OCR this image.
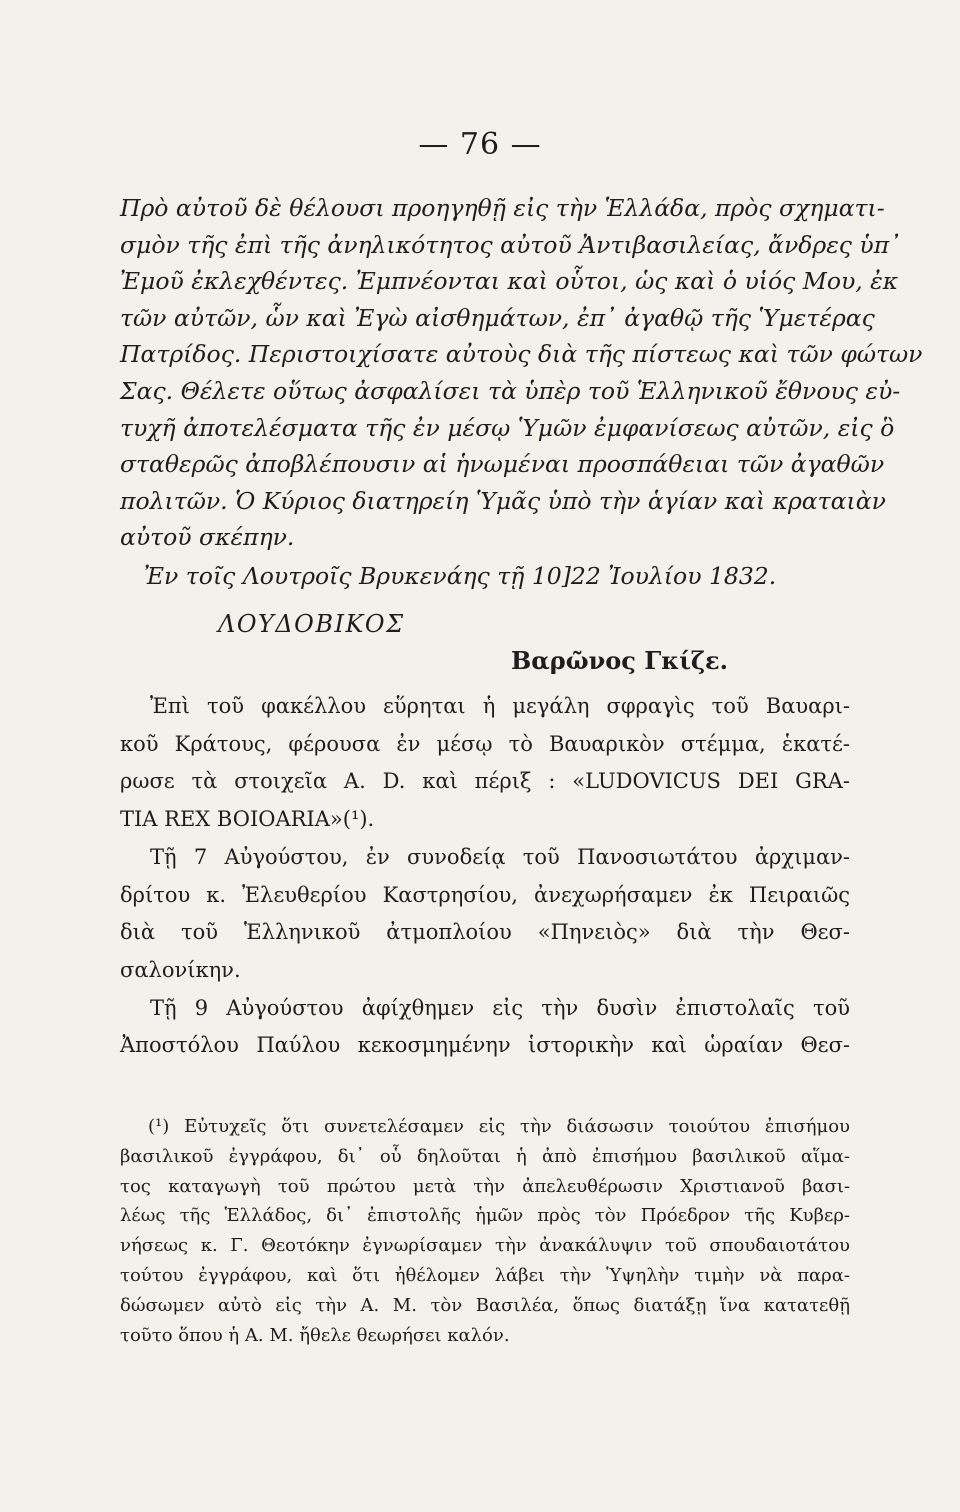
— 76 —
Πρὸ αὐτοῦ δὲ θέλουσι προηγηθῇ εἰς τὴν Ἑλλάδα, πρὸς σχηματι-
σμὸν τῆς ἐπὶ τῆς ἀνηλικότητος αὐτοῦ Ἀντιβασιλείας, ἄνδρες ὑπ᾽
Ἐμοῦ ἐκλεχθέντες. Ἐμπνέονται καὶ οὗτοι, ὡς καὶ ὁ υἱός Μου, ἐκ
τῶν αὐτῶν, ὧν καὶ Ἐγὼ αἰσθημάτων, ἐπ᾽ ἀγαθῷ τῆς Ὑμετέρας
Πατρίδος. Περιστοιχίσατε αὐτοὺς διὰ τῆς πίστεως καὶ τῶν φώτων
Σας. Θέλετε οὕτως ἀσφαλίσει τὰ ὑπὲρ τοῦ Ἑλληνικοῦ ἔθνους εὐ-
τυχῆ ἀποτελέσματα τῆς ἐν μέσῳ Ὑμῶν ἐμφανίσεως αὐτῶν, εἰς ὃ
σταθερῶς ἀποβλέπουσιν αἱ ἡνωμέναι προσπάθειαι τῶν ἀγαθῶν
πολιτῶν. Ὁ Κύριος διατηρείη Ὑμᾶς ὑπὸ τὴν ἁγίαν καὶ κραταιὰν
αὐτοῦ σκέπην.
Ἐν τοῖς Λουτροῖς Βρυκενάης τῇ 10]22 Ἰουλίου 1832.
ΛΟΥΔΟΒΙΚΟΣ
Βαρῶνος Γκίζε.
Ἐπὶ τοῦ φακέλλου εὕρηται ἡ μεγάλη σφραγὶς τοῦ Βαυαρι-
κοῦ Κράτους, φέρουσα ἐν μέσῳ τὸ Βαυαρικὸν στέμμα, ἑκατέ-
ρωσε τὰ στοιχεῖα A. D. καὶ πέριξ : «LUDOVICUS DEI GRA-
TIA REX BOIOARIA»(¹).
Τῇ 7 Αὐγούστου, ἐν συνοδείᾳ τοῦ Πανοσιωτάτου ἀρχιμαν-
δρίτου κ. Ἐλευθερίου Καστρησίου, ἀνεχωρήσαμεν ἐκ Πειραιῶς
διὰ τοῦ Ἑλληνικοῦ ἀτμοπλοίου «Πηνειὸς» διὰ τὴν Θεσ-
σαλονίκην.
Τῇ 9 Αὐγούστου ἀφίχθημεν εἰς τὴν δυσὶν ἐπιστολαῖς τοῦ
Ἀποστόλου Παύλου κεκοσμημένην ἱστορικὴν καὶ ὡραίαν Θεσ-
(¹) Εὐτυχεῖς ὅτι συνετελέσαμεν εἰς τὴν διάσωσιν τοιούτου ἐπισήμου
βασιλικοῦ ἐγγράφου, δι᾽ οὗ δηλοῦται ἡ ἀπὸ ἐπισήμου βασιλικοῦ αἵμα-
τος καταγωγὴ τοῦ πρώτου μετὰ τὴν ἀπελευθέρωσιν Χριστιανοῦ βασι-
λέως τῆς Ἑλλάδος, δι᾽ ἐπιστολῆς ἡμῶν πρὸς τὸν Πρόεδρον τῆς Κυβερ-
νήσεως κ. Γ. Θεοτόκην ἐγνωρίσαμεν τὴν ἀνακάλυψιν τοῦ σπουδαιοτάτου
τούτου ἐγγράφου, καὶ ὅτι ἠθέλομεν λάβει τὴν Ὑψηλὴν τιμὴν νὰ παρα-
δώσωμεν αὐτὸ εἰς τὴν Α. Μ. τὸν Βασιλέα, ὅπως διατάξῃ ἵνα κατατεθῇ
τοῦτο ὅπου ἡ Α. Μ. ἤθελε θεωρήσει καλόν.
